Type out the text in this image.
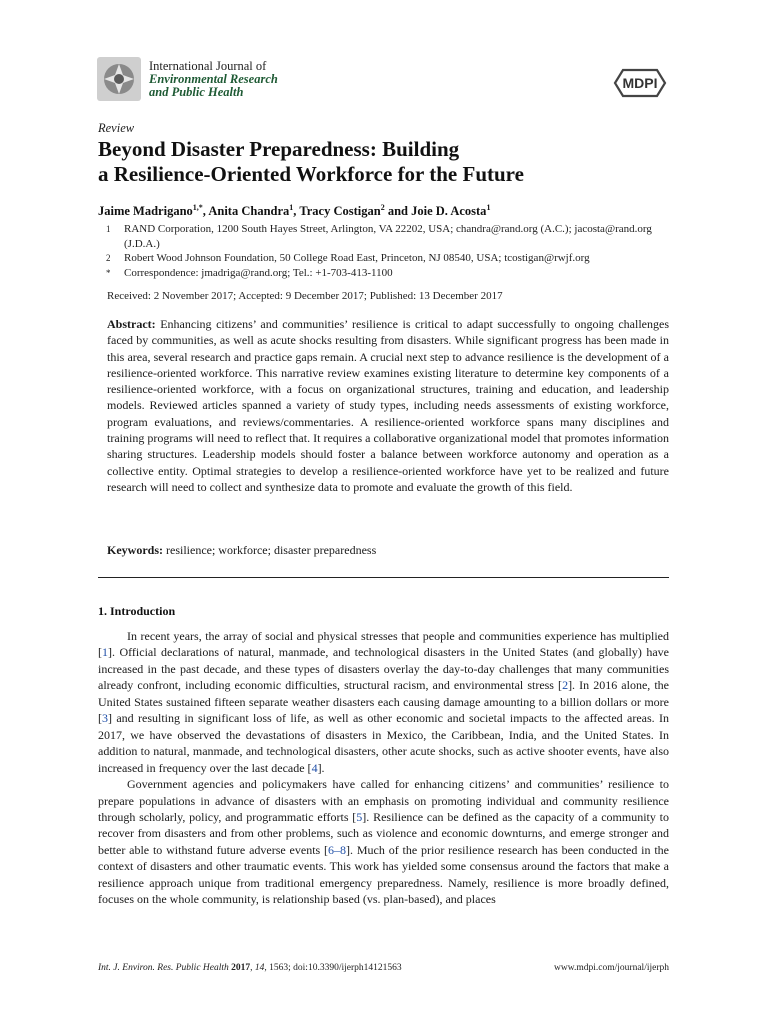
International Journal of
Environmental Research
and Public Health
MDPI
Review
Beyond Disaster Preparedness: Building
a Resilience-Oriented Workforce for the Future
Jaime Madrigano$^{1,*}$, Anita Chandra$^1$, Tracy Costigan$^2$ and Joie D. Acosta$^1$
1	RAND Corporation, 1200 South Hayes Street, Arlington, VA 22202, USA; chandra@rand.org (A.C.); jacosta@rand.org (J.D.A.)
2	Robert Wood Johnson Foundation, 50 College Road East, Princeton, NJ 08540, USA; tcostigan@rwjf.org
*	Correspondence: jmadriga@rand.org; Tel.: +1-703-413-1100
Received: 2 November 2017; Accepted: 9 December 2017; Published: 13 December 2017
Abstract: Enhancing citizens’ and communities’ resilience is critical to adapt successfully to ongoing challenges faced by communities, as well as acute shocks resulting from disasters. While significant progress has been made in this area, several research and practice gaps remain. A crucial next step to advance resilience is the development of a resilience-oriented workforce. This narrative review examines existing literature to determine key components of a resilience-oriented workforce, with a focus on organizational structures, training and education, and leadership models. Reviewed articles spanned a variety of study types, including needs assessments of existing workforce, program evaluations, and reviews/commentaries. A resilience-oriented workforce spans many disciplines and training programs will need to reflect that. It requires a collaborative organizational model that promotes information sharing structures. Leadership models should foster a balance between workforce autonomy and operation as a collective entity. Optimal strategies to develop a resilience-oriented workforce have yet to be realized and future research will need to collect and synthesize data to promote and evaluate the growth of this field.
Keywords: resilience; workforce; disaster preparedness
1. Introduction

In recent years, the array of social and physical stresses that people and communities experience has multiplied [1]. Official declarations of natural, manmade, and technological disasters in the United States (and globally) have increased in the past decade, and these types of disasters overlay the day-to-day challenges that many communities already confront, including economic difficulties, structural racism, and environmental stress [2]. In 2016 alone, the United States sustained fifteen separate weather disasters each causing damage amounting to a billion dollars or more [3] and resulting in significant loss of life, as well as other economic and societal impacts to the affected areas. In 2017, we have observed the devastations of disasters in Mexico, the Caribbean, India, and the United States. In addition to natural, manmade, and technological disasters, other acute shocks, such as active shooter events, have also increased in frequency over the last decade [4].

Government agencies and policymakers have called for enhancing citizens’ and communities’ resilience to prepare populations in advance of disasters with an emphasis on promoting individual and community resilience through scholarly, policy, and programmatic efforts [5]. Resilience can be defined as the capacity of a community to recover from disasters and from other problems, such as violence and economic downturns, and emerge stronger and better able to withstand future adverse events [6–8]. Much of the prior resilience research has been conducted in the context of disasters and other traumatic events. This work has yielded some consensus around the factors that make a resilience approach unique from traditional emergency preparedness. Namely, resilience is more broadly defined, focuses on the whole community, is relationship based (vs. plan-based), and places

Int. J. Environ. Res. Public Health 2017, 14, 1563; doi:10.3390/ijerph14121563	www.mdpi.com/journal/ijerph
